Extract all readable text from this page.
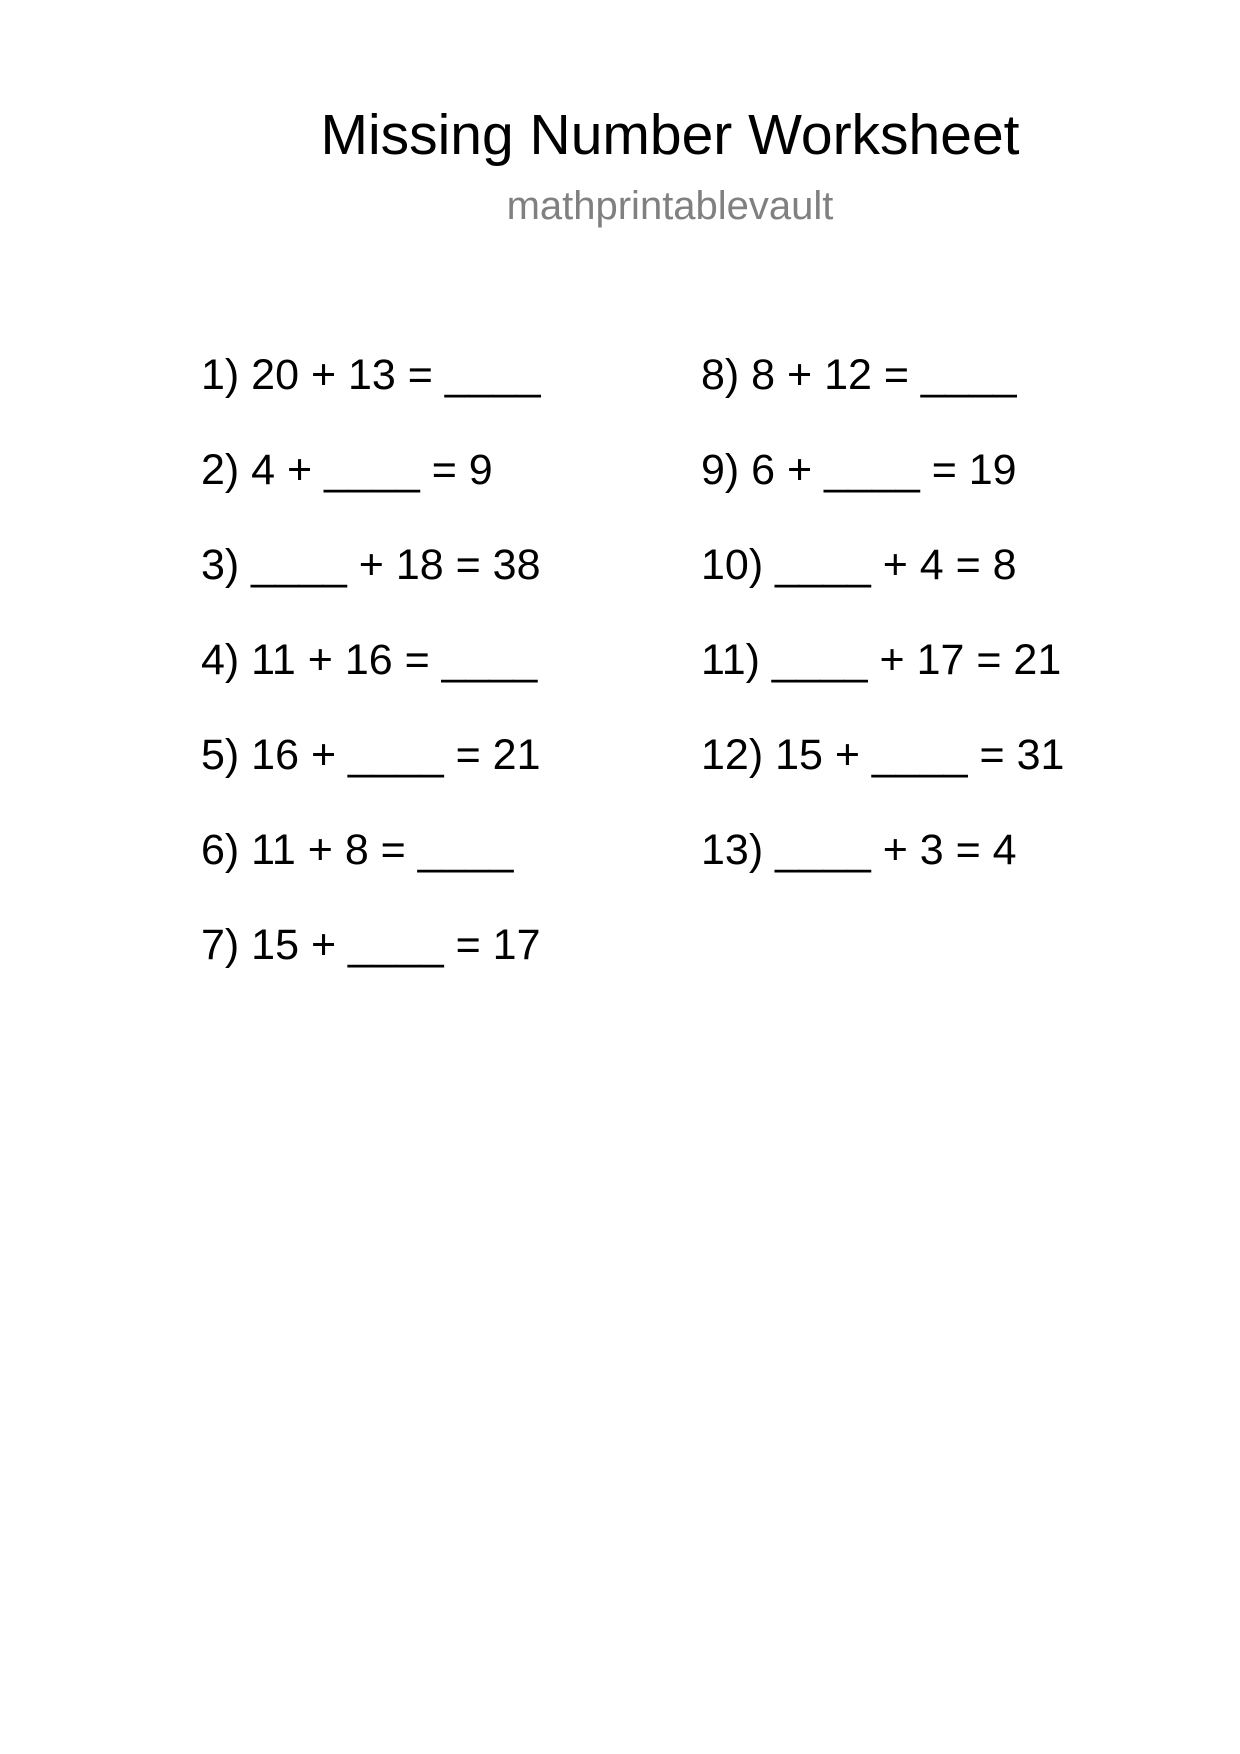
Missing Number Worksheet
mathprintablevault
1) 20 + 13 = ____
2) 4 + ____ = 9
3) ____ + 18 = 38
4) 11 + 16 = ____
5) 16 + ____ = 21
6) 11 + 8 = ____
7) 15 + ____ = 17
8) 8 + 12 = ____
9) 6 + ____ = 19
10) ____ + 4 = 8
11) ____ + 17 = 21
12) 15 + ____ = 31
13) ____ + 3 = 4
